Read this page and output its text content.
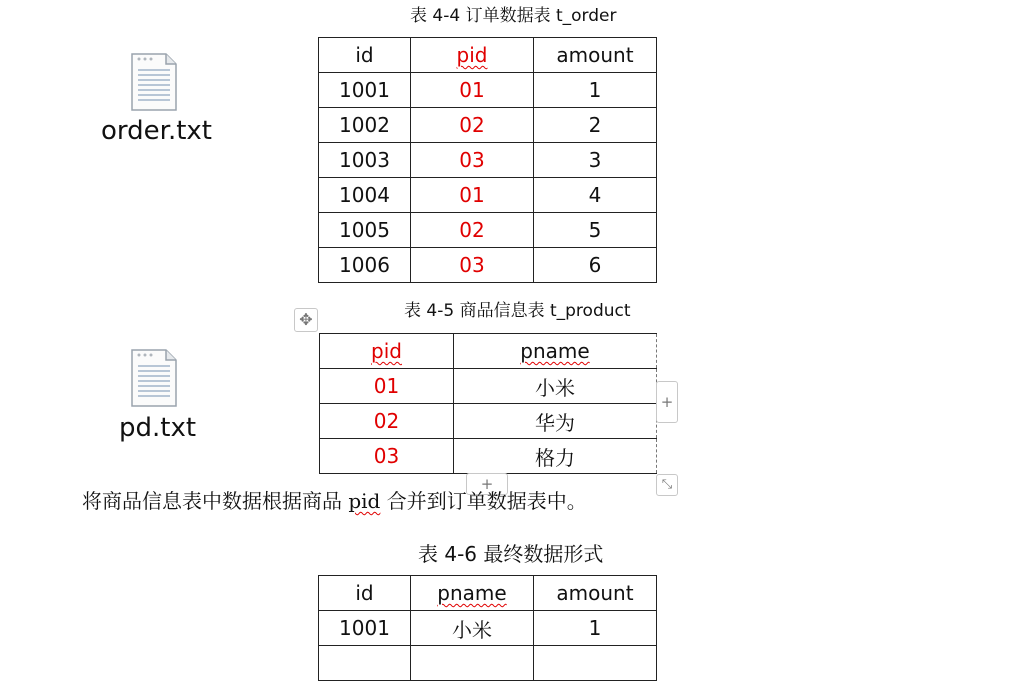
order.txt
pd.txt
表 4-4 订单数据表 t_order
id	pid	amount
1001	01	1
1002	02	2
1003	03	3
1004	01	4
1005	02	5
1006	03	6
✥	表 4-5 商品信息表 t_product
pid	pname
01	小米
02	华为
03	格力
+
+	⤡
将商品信息表中数据根据商品 pid 合并到订单数据表中。
表 4-6 最终数据形式
id	pname	amount
1001	小米	1
